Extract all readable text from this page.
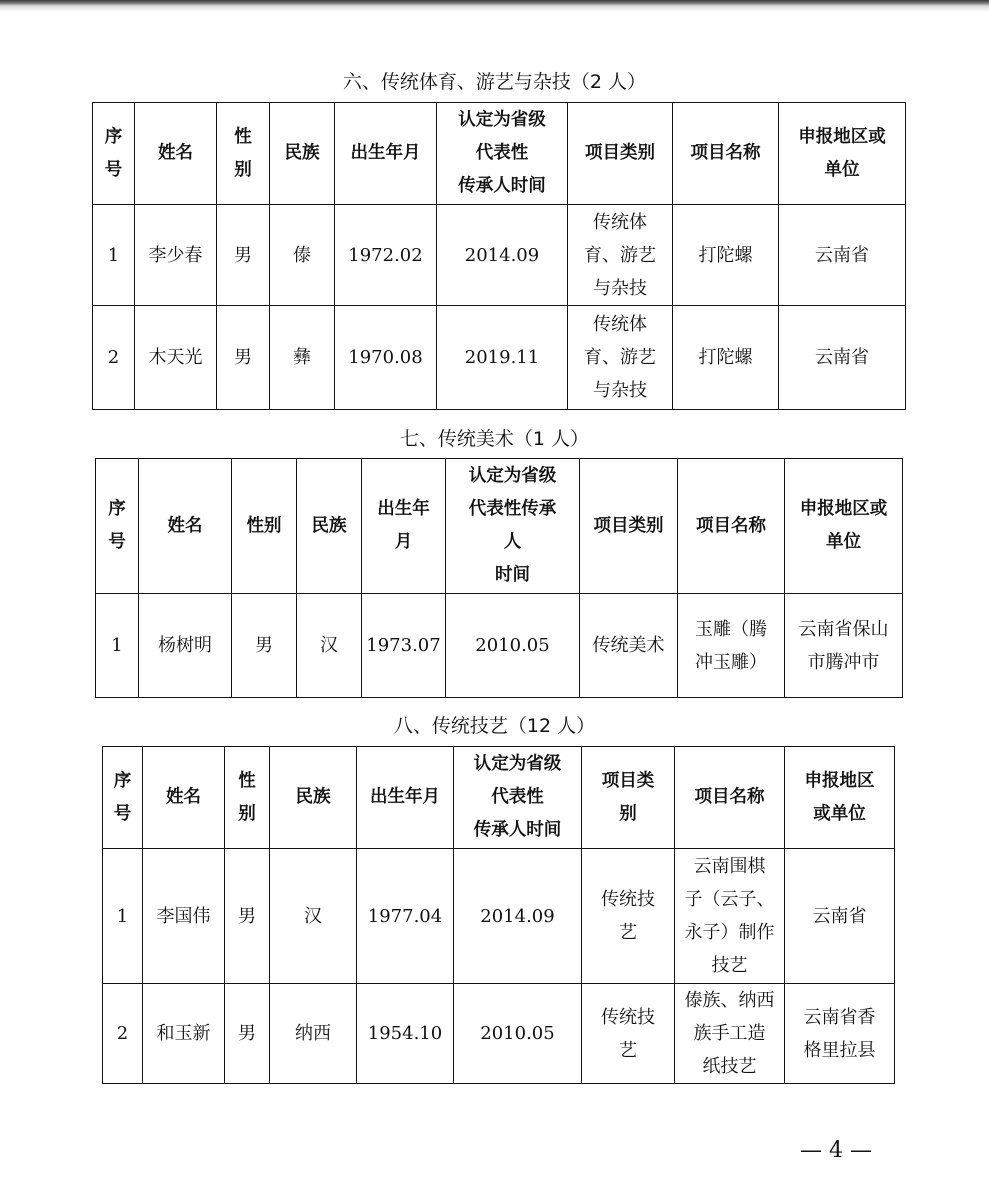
六、传统体育、游艺与杂技（2 人）
序
号	姓名	性
别	民族	出生年月	认定为省级
代表性
传承人时间	项目类别	项目名称	申报地区或
单位
1	李少春	男	傣	1972.02	2014.09	传统体
育、游艺
与杂技	打陀螺	云南省
2	木天光	男	彝	1970.08	2019.11	传统体
育、游艺
与杂技	打陀螺	云南省
七、传统美术（1 人）
序
号	姓名	性别	民族	出生年
月	认定为省级
代表性传承
人
时间	项目类别	项目名称	申报地区或
单位
1	杨树明	男	汉	1973.07	2010.05	传统美术	玉雕（腾
冲玉雕）	云南省保山
市腾冲市
八、传统技艺（12 人）
序
号	姓名	性
别	民族	出生年月	认定为省级
代表性
传承人时间	项目类
别	项目名称	申报地区
或单位
1	李国伟	男	汉	1977.04	2014.09	传统技
艺	云南围棋
子（云子、
永子）制作
技艺	云南省
2	和玉新	男	纳西	1954.10	2010.05	传统技
艺	傣族、纳西
族手工造
纸技艺	云南省香
格里拉县
— 4 —
